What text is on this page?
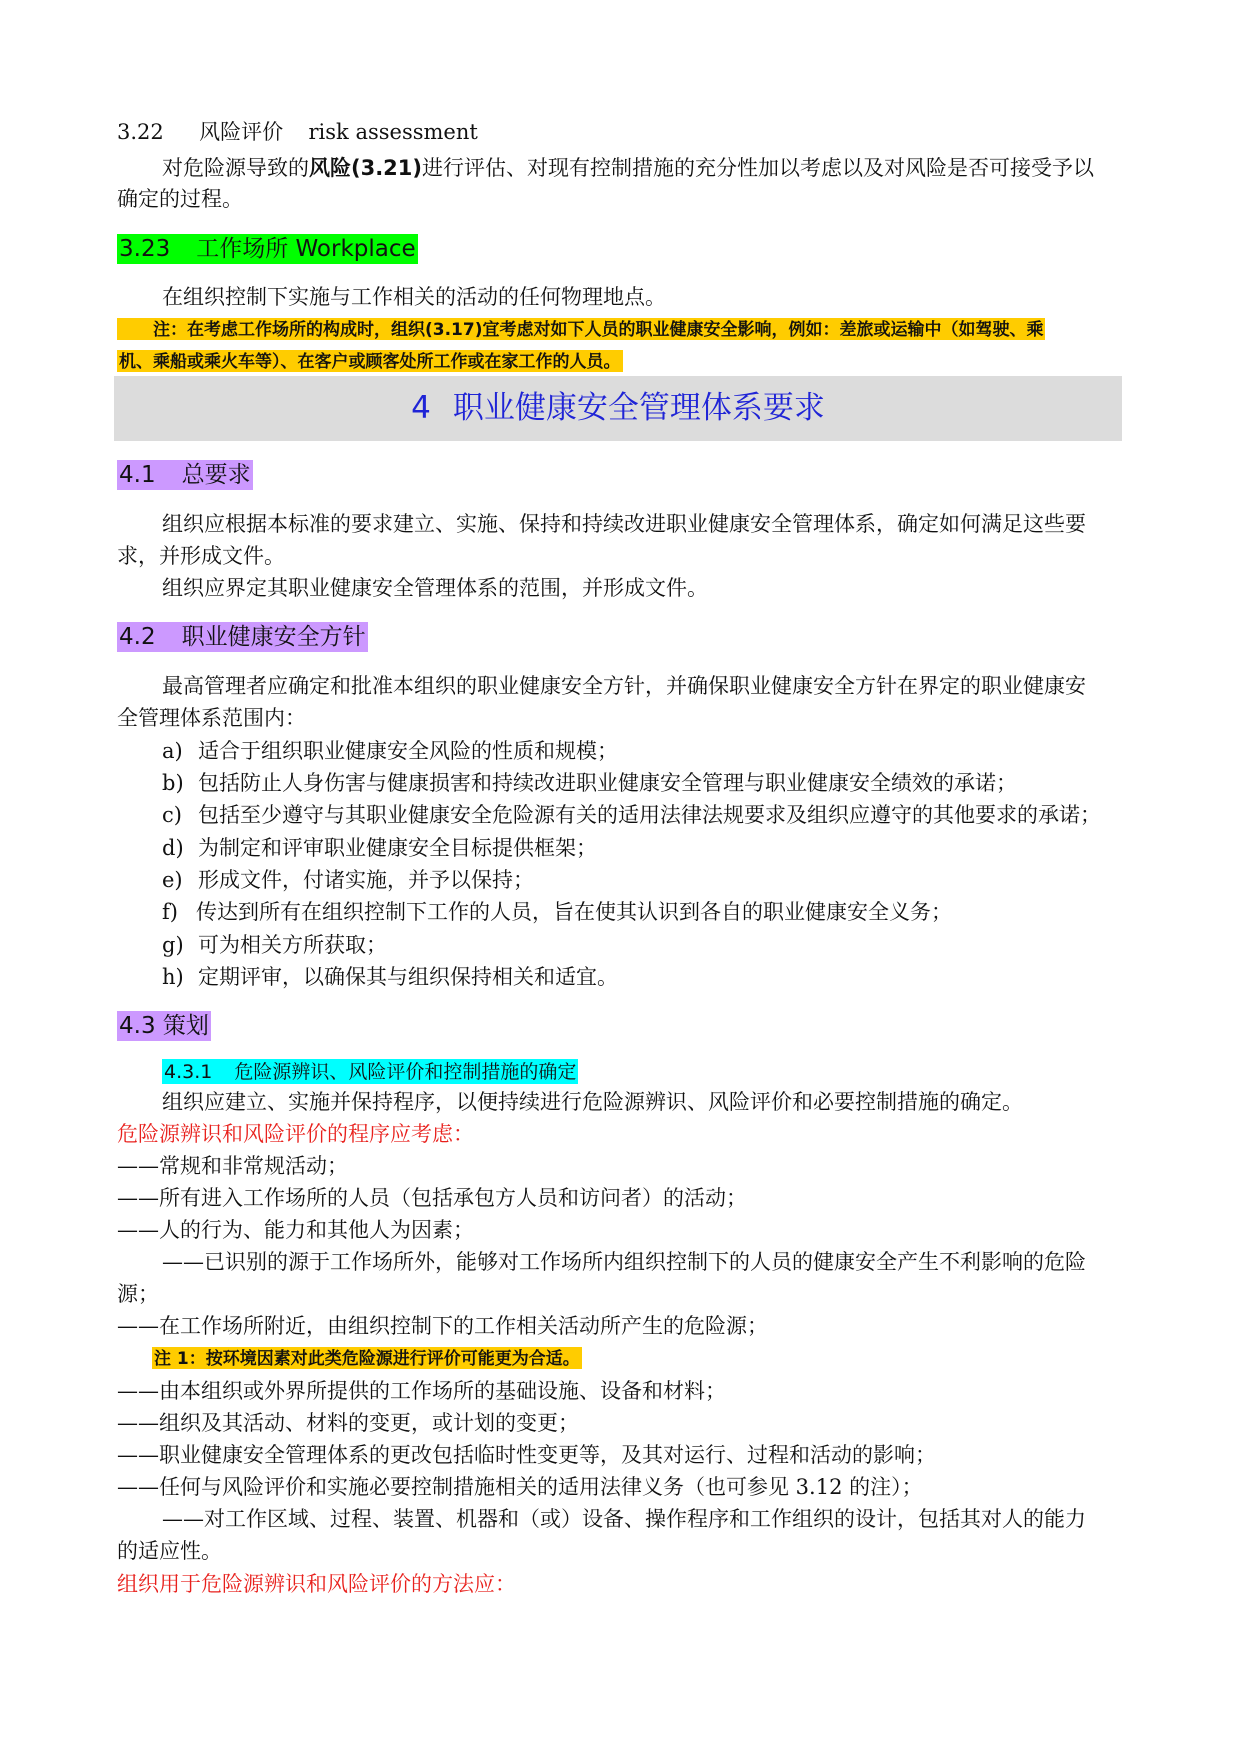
3.22 风险评价 risk assessment
对危险源导致的风险(3.21)进行评估、对现有控制措施的充分性加以考虑以及对风险是否可接受予以
确定的过程。
3.23 工作场所 Workplace
在组织控制下实施与工作相关的活动的任何物理地点。
注：在考虑工作场所的构成时，组织(3.17)宜考虑对如下人员的职业健康安全影响，例如：差旅或运输中（如驾驶、乘
机、乘船或乘火车等）、在客户或顾客处所工作或在家工作的人员。
4 职业健康安全管理体系要求
4.1 总要求
组织应根据本标准的要求建立、实施、保持和持续改进职业健康安全管理体系，确定如何满足这些要
求，并形成文件。
组织应界定其职业健康安全管理体系的范围，并形成文件。
4.2 职业健康安全方针
最高管理者应确定和批准本组织的职业健康安全方针，并确保职业健康安全方针在界定的职业健康安
全管理体系范围内：
a) 适合于组织职业健康安全风险的性质和规模；
b) 包括防止人身伤害与健康损害和持续改进职业健康安全管理与职业健康安全绩效的承诺；
c) 包括至少遵守与其职业健康安全危险源有关的适用法律法规要求及组织应遵守的其他要求的承诺；
d) 为制定和评审职业健康安全目标提供框架；
e) 形成文件，付诸实施，并予以保持；
f) 传达到所有在组织控制下工作的人员，旨在使其认识到各自的职业健康安全义务；
g) 可为相关方所获取；
h) 定期评审，以确保其与组织保持相关和适宜。
4.3 策划
4.3.1 危险源辨识、风险评价和控制措施的确定
组织应建立、实施并保持程序，以便持续进行危险源辨识、风险评价和必要控制措施的确定。
危险源辨识和风险评价的程序应考虑：
——常规和非常规活动；
——所有进入工作场所的人员（包括承包方人员和访问者）的活动；
——人的行为、能力和其他人为因素；
——已识别的源于工作场所外，能够对工作场所内组织控制下的人员的健康安全产生不利影响的危险
源；
——在工作场所附近，由组织控制下的工作相关活动所产生的危险源；
注 1：按环境因素对此类危险源进行评价可能更为合适。
——由本组织或外界所提供的工作场所的基础设施、设备和材料；
——组织及其活动、材料的变更，或计划的变更；
——职业健康安全管理体系的更改包括临时性变更等，及其对运行、过程和活动的影响；
——任何与风险评价和实施必要控制措施相关的适用法律义务（也可参见 3.12 的注）；
——对工作区域、过程、装置、机器和（或）设备、操作程序和工作组织的设计，包括其对人的能力
的适应性。
组织用于危险源辨识和风险评价的方法应：
